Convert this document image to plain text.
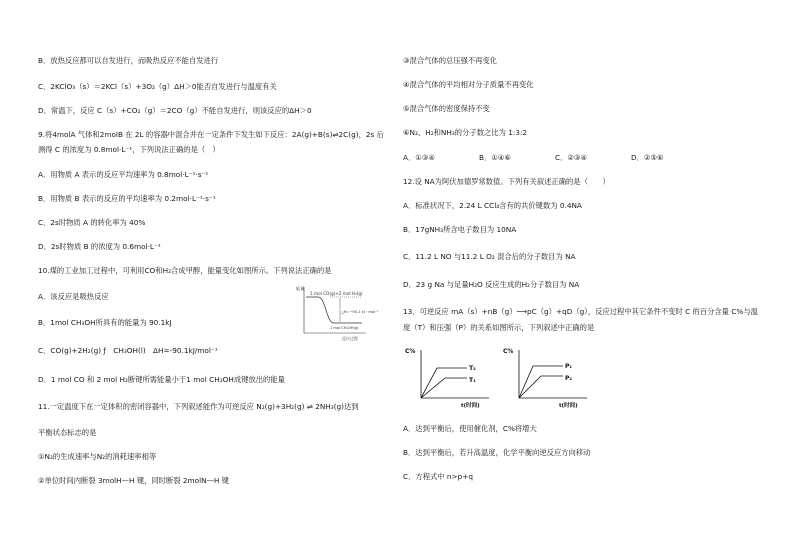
B．放热反应都可以自发进行，而吸热反应不能自发进行
C．2KClO₃（s）＝2KCl（s）+3O₂（g）ΔH＞0能否自发进行与温度有关
D．常温下，反应 C（s）+CO₂（g）＝2CO（g）不能自发进行，则该反应的ΔH＞0
9.将4molA 气体和2molB 在 2L 的容器中混合并在一定条件下发生如下反应：2A(g)+B(s)⇌2C(g)，2s 后
测得 C 的浓度为 0.8mol·L⁻¹，下列说法正确的是（　）
A．用物质 A 表示的反应平均速率为 0.8mol·L⁻¹·s⁻¹
B．用物质 B 表示的反应的平均速率为 0.2mol·L⁻¹·s⁻¹
C．2s时物质 A 的转化率为 40%
D．2s时物质 B 的浓度为 0.6mol·L⁻¹
10.煤的工业加工过程中，可利用CO和H₂合成甲醇，能量变化如图所示。下列说法正确的是
A．该反应是吸热反应
B．1mol CH₃OH所具有的能量为 90.1kJ
C．CO(g)+2H₂(g) ƒ　CH₃OH(l)　ΔH=-90.1kJ/mol⁻¹
D．1 mol CO 和 2 mol H₂断键所需能量小于1 mol CH₃OH成键放出的能量
能量
1 mol CO(g)+2 mol H₂(g)
△H=−90.1 kJ・mol⁻¹
1 mol CH₃OH(g)
反应过程
11.一定温度下在一定体积的密闭容器中，下列叙述能作为可逆反应 N₂(g)+3H₂(g) ⇌ 2NH₃(g)达到
平衡状态标志的是
①N₂的生成速率与N₂的消耗速率相等
②单位时间内断裂 3molH—H 键，同时断裂 2molN—H 键
③混合气体的总压强不再变化
④混合气体的平均相对分子质量不再变化
⑤混合气体的密度保持不变
⑥N₂、H₂和NH₃的分子数之比为 1:3:2
A．①③④	B．①④⑥	C．②③④	D．②⑤⑥
12.设 NA为阿伏加德罗常数值。下列有关叙述正确的是（　　）
A．标准状况下，2.24 L CCl₄含有的共价键数为 0.4NA
B．17gNH₃所含电子数目为 10NA
C．11.2 L NO 与11.2 L O₂ 混合后的分子数目为 NA
D．23 g Na 与足量H₂O 反应生成的H₂分子数目为 NA
13．可逆反应 mA（s）+nB（g）⟶pC（g）+qD（g），反应过程中其它条件不变时 C 的百分含量 C%与温
度（T）和压强（P）的关系如图所示，下列叙述中正确的是
C%
T₂
T₁
t(时间)
C%
P₁
P₂
t(时间)
A．达到平衡后，使用催化剂，C%将增大
B．达到平衡后，若升高温度，化学平衡向逆反应方向移动
C．方程式中 n>p+q
